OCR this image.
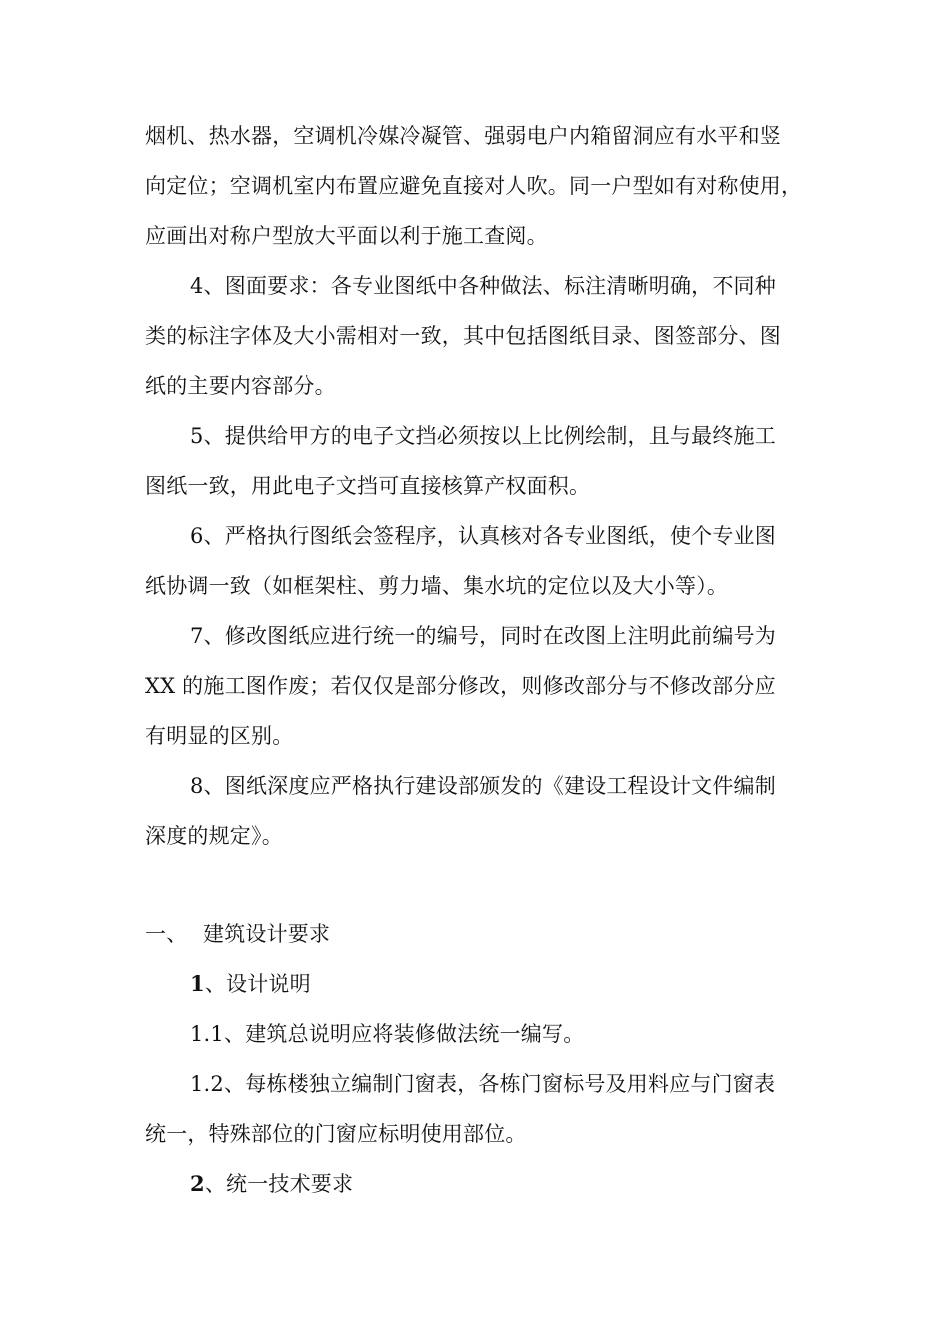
烟机、热水器，空调机冷媒冷凝管、强弱电户内箱留洞应有水平和竖
向定位；空调机室内布置应避免直接对人吹。同一户型如有对称使用，
应画出对称户型放大平面以利于施工查阅。
4、图面要求：各专业图纸中各种做法、标注清晰明确，不同种
类的标注字体及大小需相对一致，其中包括图纸目录、图签部分、图
纸的主要内容部分。
5、提供给甲方的电子文挡必须按以上比例绘制，且与最终施工
图纸一致，用此电子文挡可直接核算产权面积。
6、严格执行图纸会签程序，认真核对各专业图纸，使个专业图
纸协调一致（如框架柱、剪力墙、集水坑的定位以及大小等）。
7、修改图纸应进行统一的编号，同时在改图上注明此前编号为
XX 的施工图作废；若仅仅是部分修改，则修改部分与不修改部分应
有明显的区别。
8、图纸深度应严格执行建设部颁发的《建设工程设计文件编制
深度的规定》。
一、 建筑设计要求
1、设计说明
1.1、建筑总说明应将装修做法统一编写。
1.2、每栋楼独立编制门窗表，各栋门窗标号及用料应与门窗表
统一，特殊部位的门窗应标明使用部位。
2、统一技术要求
